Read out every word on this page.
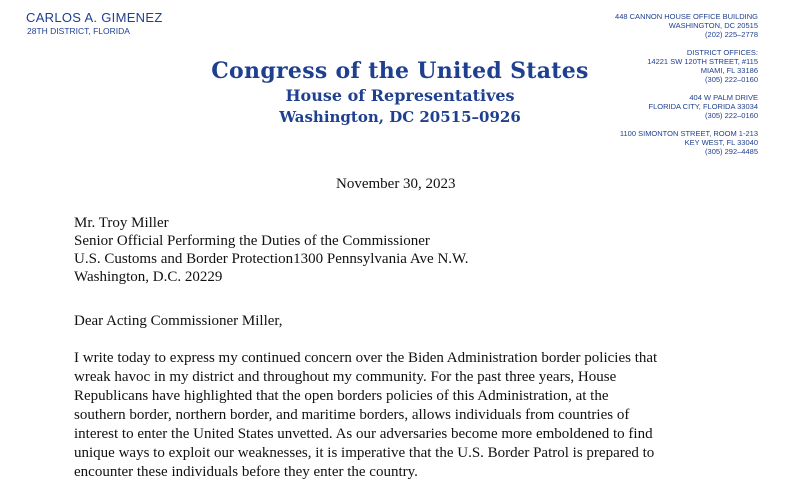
CARLOS A. GIMENEZ
28TH DISTRICT, FLORIDA
Congress of the United States
House of Representatives
Washington, DC 20515–0926
448 CANNON HOUSE OFFICE BUILDING
WASHINGTON, DC 20515
(202) 225–2778
DISTRICT OFFICES:
14221 SW 120TH STREET, #115
MIAMI, FL 33186
(305) 222–0160
404 W PALM DRIVE
FLORIDA CITY, FLORIDA 33034
(305) 222–0160
1100 SIMONTON STREET, ROOM 1-213
KEY WEST, FL 33040
(305) 292–4485
November 30, 2023
Mr. Troy Miller
Senior Official Performing the Duties of the Commissioner
U.S. Customs and Border Protection1300 Pennsylvania Ave N.W.
Washington, D.C. 20229
Dear Acting Commissioner Miller,
I write today to express my continued concern over the Biden Administration border policies that
wreak havoc in my district and throughout my community. For the past three years, House
Republicans have highlighted that the open borders policies of this Administration, at the
southern border, northern border, and maritime borders, allows individuals from countries of
interest to enter the United States unvetted. As our adversaries become more emboldened to find
unique ways to exploit our weaknesses, it is imperative that the U.S. Border Patrol is prepared to
encounter these individuals before they enter the country.
